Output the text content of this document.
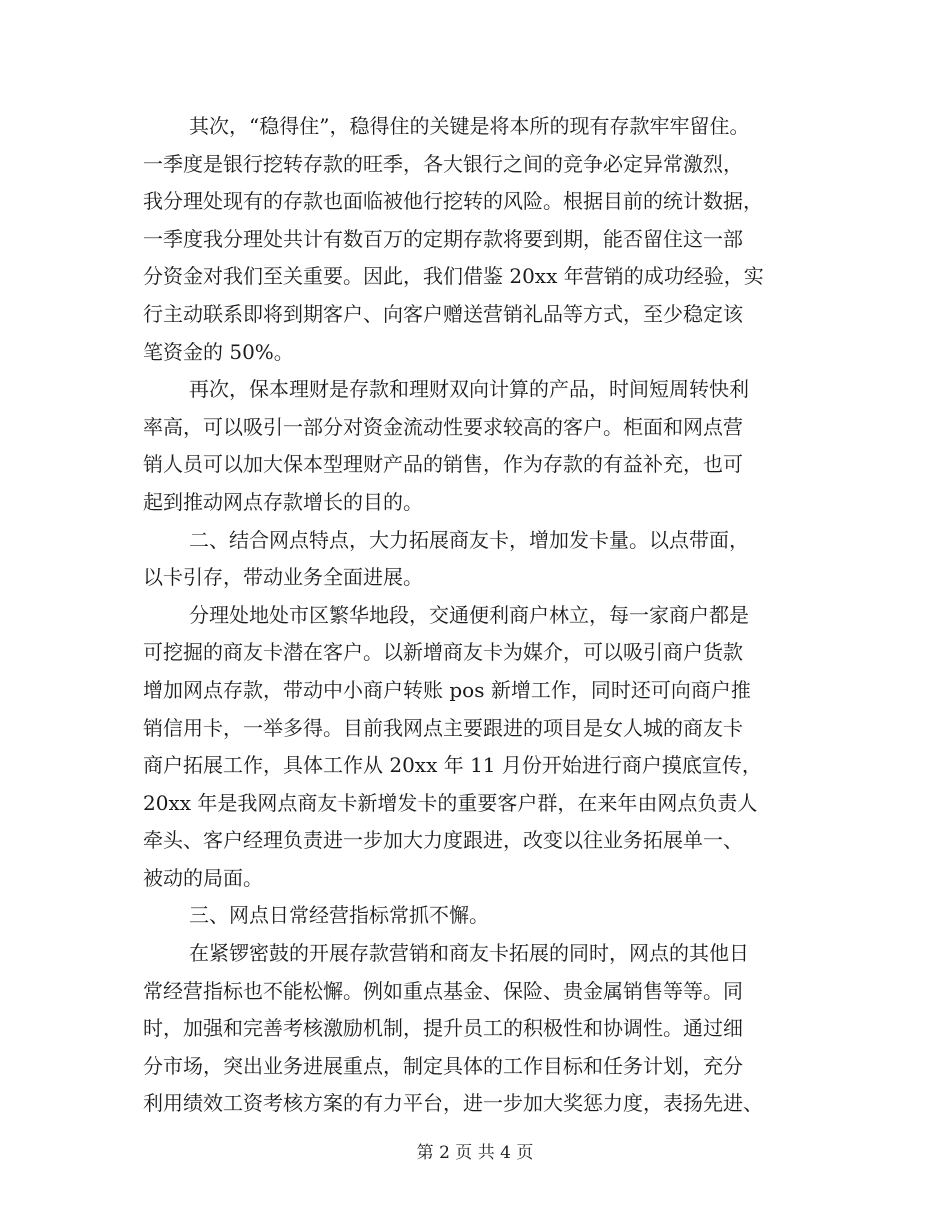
其次，“稳得住”，稳得住的关键是将本所的现有存款牢牢留住。
一季度是银行挖转存款的旺季，各大银行之间的竞争必定异常激烈，
我分理处现有的存款也面临被他行挖转的风险。根据目前的统计数据，
一季度我分理处共计有数百万的定期存款将要到期，能否留住这一部
分资金对我们至关重要。因此，我们借鉴 20xx 年营销的成功经验，实
行主动联系即将到期客户、向客户赠送营销礼品等方式，至少稳定该
笔资金的 50%。
再次，保本理财是存款和理财双向计算的产品，时间短周转快利
率高，可以吸引一部分对资金流动性要求较高的客户。柜面和网点营
销人员可以加大保本型理财产品的销售，作为存款的有益补充，也可
起到推动网点存款增长的目的。
二、结合网点特点，大力拓展商友卡，增加发卡量。以点带面，
以卡引存，带动业务全面进展。
分理处地处市区繁华地段，交通便利商户林立，每一家商户都是
可挖掘的商友卡潜在客户。以新增商友卡为媒介，可以吸引商户货款
增加网点存款，带动中小商户转账 pos 新增工作，同时还可向商户推
销信用卡，一举多得。目前我网点主要跟进的项目是女人城的商友卡
商户拓展工作，具体工作从 20xx 年 11 月份开始进行商户摸底宣传，
20xx 年是我网点商友卡新增发卡的重要客户群，在来年由网点负责人
牵头、客户经理负责进一步加大力度跟进，改变以往业务拓展单一、
被动的局面。
三、网点日常经营指标常抓不懈。
在紧锣密鼓的开展存款营销和商友卡拓展的同时，网点的其他日
常经营指标也不能松懈。例如重点基金、保险、贵金属销售等等。同
时，加强和完善考核激励机制，提升员工的积极性和协调性。通过细
分市场，突出业务进展重点，制定具体的工作目标和任务计划，充分
利用绩效工资考核方案的有力平台，进一步加大奖惩力度，表扬先进、
第 2 页 共 4 页
